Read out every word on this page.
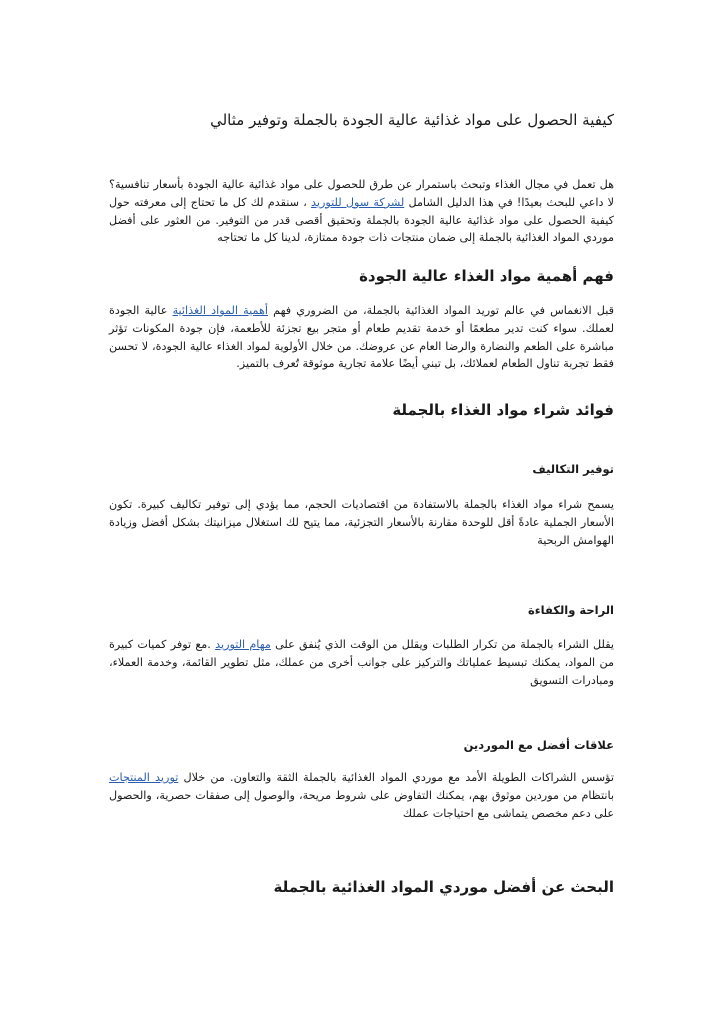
كيفية الحصول على مواد غذائية عالية الجودة بالجملة وتوفير مثالي

هل تعمل في مجال الغذاء وتبحث باستمرار عن طرق للحصول على مواد غذائية عالية الجودة بأسعار تنافسية؟ لا داعي للبحث بعيدًا! في هذا الدليل الشامل لشركة سول للتوريد ، سنقدم لك كل ما تحتاج إلى معرفته حول كيفية الحصول على مواد غذائية عالية الجودة بالجملة وتحقيق أقصى قدر من التوفير. من العثور على أفضل موردي المواد الغذائية بالجملة إلى ضمان منتجات ذات جودة ممتازة، لدينا كل ما تحتاجه

فهم أهمية مواد الغذاء عالية الجودة

قبل الانغماس في عالم توريد المواد الغذائية بالجملة، من الضروري فهم أهمية المواد الغذائية عالية الجودة لعملك. سواء كنت تدير مطعمًا أو خدمة تقديم طعام أو متجر بيع تجزئة للأطعمة، فإن جودة المكونات تؤثر مباشرة على الطعم والنضارة والرضا العام عن عروضك. من خلال الأولوية لمواد الغذاء عالية الجودة، لا تحسن فقط تجربة تناول الطعام لعملائك، بل تبني أيضًا علامة تجارية موثوقة تُعرف بالتميز.

فوائد شراء مواد الغذاء بالجملة
توفير التكاليف

يسمح شراء مواد الغذاء بالجملة بالاستفادة من اقتصاديات الحجم، مما يؤدي إلى توفير تكاليف كبيرة. تكون الأسعار الجملية عادةً أقل للوحدة مقارنة بالأسعار التجزئية، مما يتيح لك استغلال ميزانيتك بشكل أفضل وزيادة الهوامش الربحية

الراحة والكفاءة

يقلل الشراء بالجملة من تكرار الطلبات ويقلل من الوقت الذي يُنفق على مهام التوريد .مع توفر كميات كبيرة من المواد، يمكنك تبسيط عملياتك والتركيز على جوانب أخرى من عملك، مثل تطوير القائمة، وخدمة العملاء، ومبادرات التسويق

علاقات أفضل مع الموردين

تؤسس الشراكات الطويلة الأمد مع موردي المواد الغذائية بالجملة الثقة والتعاون. من خلال توريد المنتجات بانتظام من موردين موثوق بهم، يمكنك التفاوض على شروط مريحة، والوصول إلى صفقات حصرية، والحصول على دعم مخصص يتماشى مع احتياجات عملك

البحث عن أفضل موردي المواد الغذائية بالجملة
